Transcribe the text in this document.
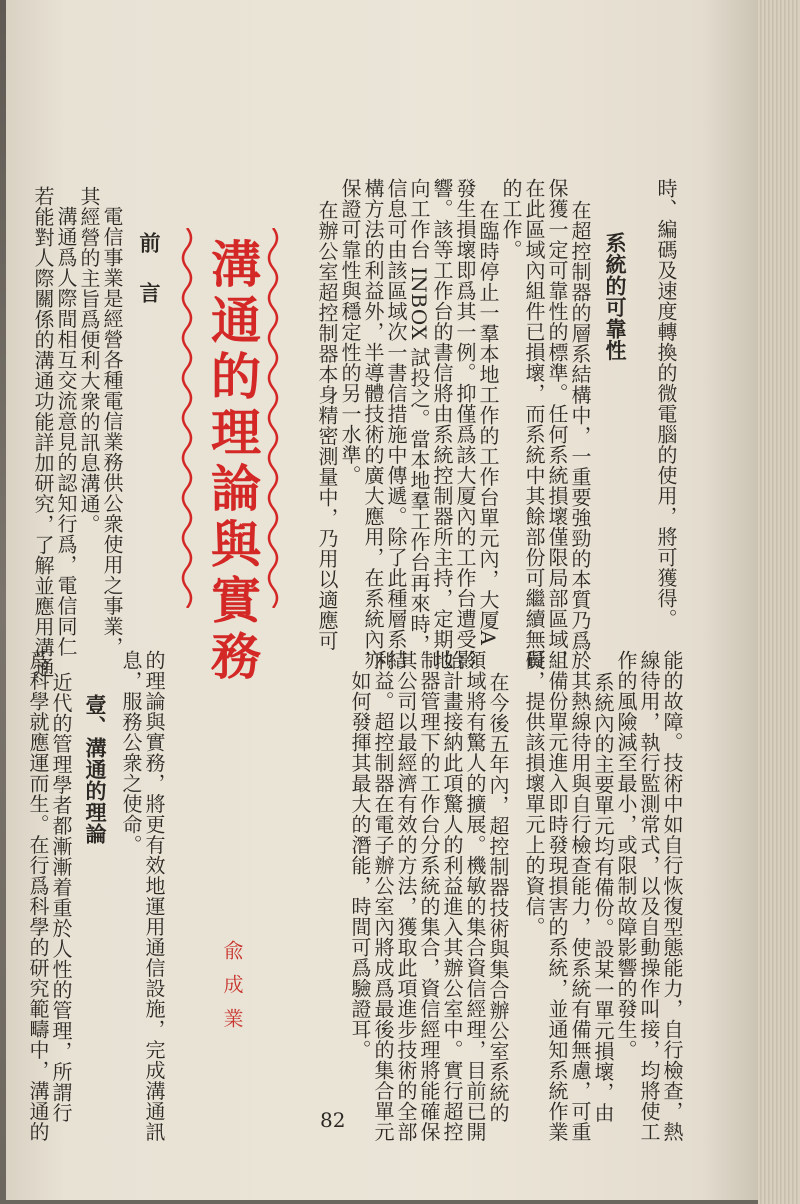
時、編碼及速度轉換的微電腦的使用，將可獲得。
系統的可靠性
在超控制器的層系結構中，一重要強勁的本質乃爲
保獲一定可靠性的標準。任何系統損壞僅限局部區域，
在此區域內組件已損壞，而系統中其餘部份可繼續無礙
的工作。
在臨時停止一羣本地工作的工作台單元內，大厦A
發生損壞即爲其一例。抑僅爲該大厦內的工作台遭受影
響。該等工作台的書信將由系統控制器所主持，定期地
向工作台 INBOX 試投之。當本地羣工作台再來時，
信息可由該區域次一書信措施中傳遞。除了此種層系結
構方法的利益外，半導體技術的廣大應用，在系統內亦
保證可靠性與穩定性的另一水準。
在辦公室超控制器本身精密測量中，乃用以適應可
溝通的理論與實務
前　言
電信事業是經營各種電信業務供公衆使用之事業，
其經營的主旨爲便利大衆的訊息溝通。
溝通爲人際間相互交流意見的認知行爲，電信同仁
若能對人際關係的溝通功能詳加研究，了解並應用溝通
能的故障。技術中如自行恢復型態能力，自行檢查，熱
線待用，執行監測常式，以及自動操作叫接，均將使工
作的風險減至最小，或限制故障影響的發生。
系統內的主要單元均有備份。設某一單元損壞，由
於其熱線待用與自行檢查能力，使系統有備無慮，可重
組備份單元進入即時發現損害的系統，並通知系統作業
員，提供該損壞單元上的資信。
在今後五年內，超控制器技術與集合辦公室系統的
領域將有驚人的擴展。機敏的集合資信經理，目前已開
始計畫接納此項驚人的利益進入其辦公室中。實行超控
制器管理下的工作台分系統的集合，資信經理將能確保
其公司以最經濟有效的方法，獲取此項進步技術的全部
利益。超控制器在電子辦公室內將成爲最後的集合單元
，如何發揮其最大的潛能，時間可爲驗證耳。
兪成業
的理論與實務，將更有效地運用通信設施，完成溝通訊
息，服務公衆之使命。
壹、溝通的理論
近代的管理學者都漸漸着重於人性的管理，所謂行
爲科學就應運而生。在行爲科學的研究範疇中，溝通的	82
